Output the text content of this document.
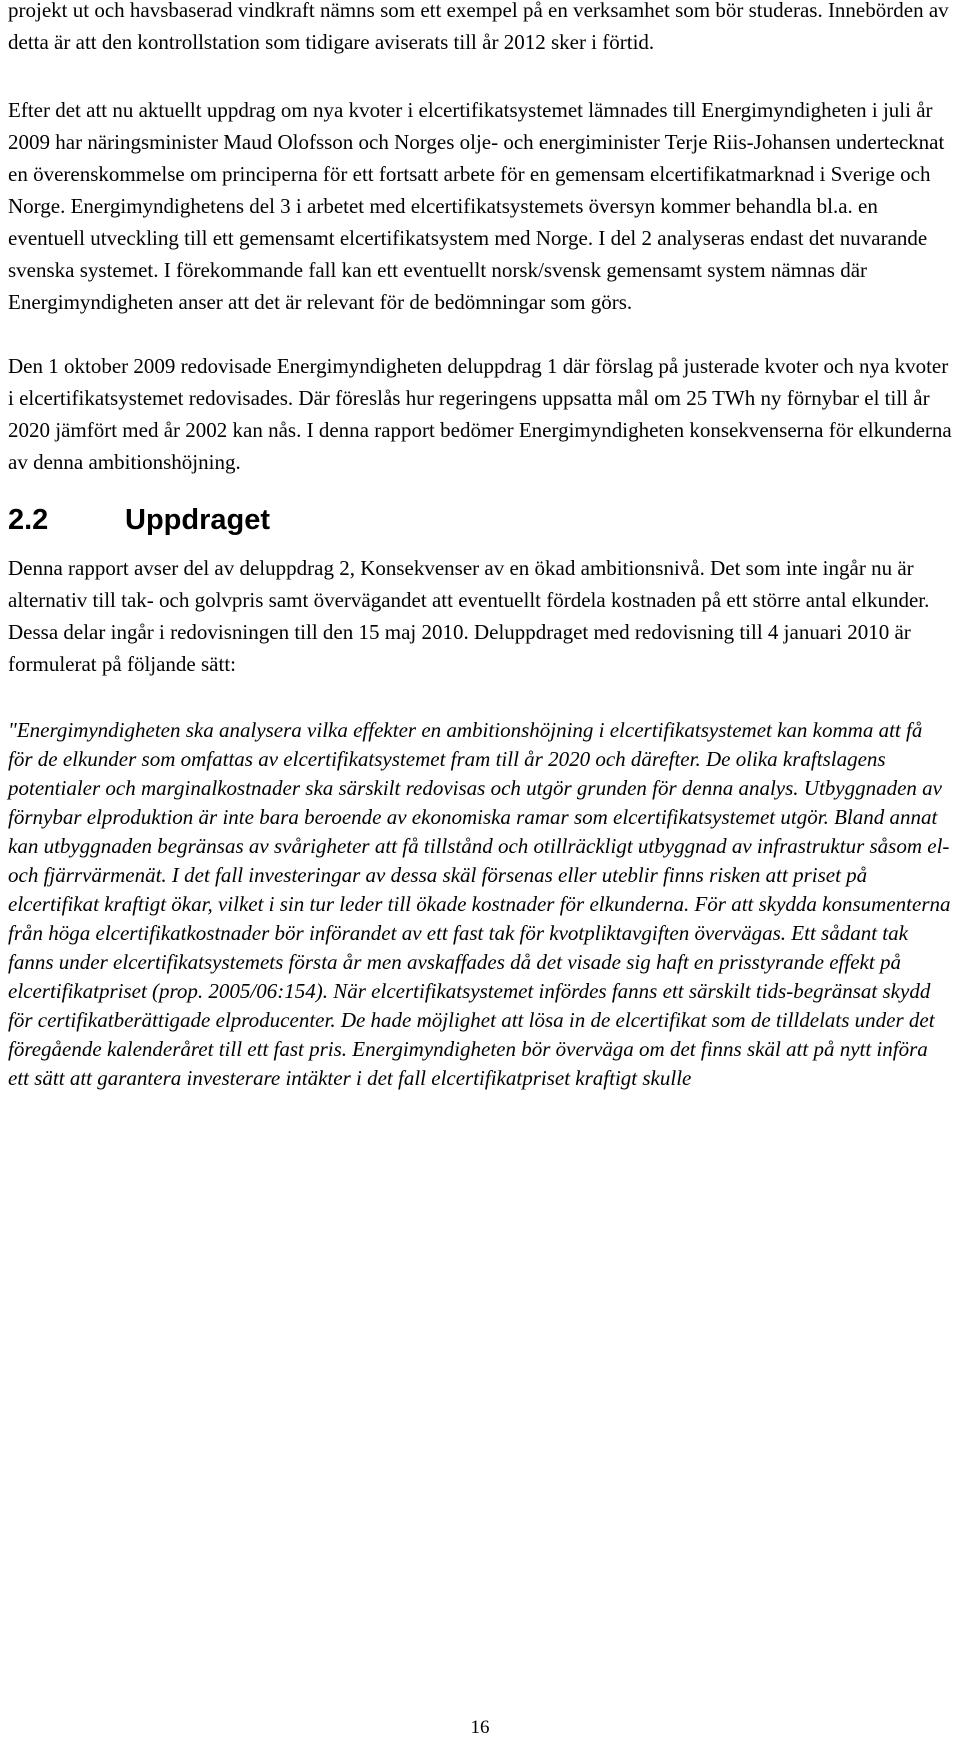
projekt ut och havsbaserad vindkraft nämns som ett exempel på en verksamhet som bör studeras. Innebörden av detta är att den kontrollstation som tidigare aviserats till år 2012 sker i förtid.

Efter det att nu aktuellt uppdrag om nya kvoter i elcertifikatsystemet lämnades till Energimyndigheten i juli år 2009 har näringsminister Maud Olofsson och Norges olje- och energiminister Terje Riis-Johansen undertecknat en överenskommelse om principerna för ett fortsatt arbete för en gemensam elcertifikatmarknad i Sverige och Norge. Energimyndighetens del 3 i arbetet med elcertifikatsystemets översyn kommer behandla bl.a. en eventuell utveckling till ett gemensamt elcertifikatsystem med Norge. I del 2 analyseras endast det nuvarande svenska systemet. I förekommande fall kan ett eventuellt norsk/svensk gemensamt system nämnas där Energimyndigheten anser att det är relevant för de bedömningar som görs.

Den 1 oktober 2009 redovisade Energimyndigheten deluppdrag 1 där förslag på justerade kvoter och nya kvoter i elcertifikatsystemet redovisades. Där föreslås hur regeringens uppsatta mål om 25 TWh ny förnybar el till år 2020 jämfört med år 2002 kan nås. I denna rapport bedömer Energimyndigheten konsekvenserna för elkunderna av denna ambitionshöjning.

2.2	Uppdraget

Denna rapport avser del av deluppdrag 2, Konsekvenser av en ökad ambitionsnivå. Det som inte ingår nu är alternativ till tak- och golvpris samt övervägandet att eventuellt fördela kostnaden på ett större antal elkunder. Dessa delar ingår i redovisningen till den 15 maj 2010. Deluppdraget med redovisning till 4 januari 2010 är formulerat på följande sätt:

"Energimyndigheten ska analysera vilka effekter en ambitionshöjning i elcertifikatsystemet kan komma att få för de elkunder som omfattas av elcertifikatsystemet fram till år 2020 och därefter. De olika kraftslagens potentialer och marginalkostnader ska särskilt redovisas och utgör grunden för denna analys. Utbyggnaden av förnybar elproduktion är inte bara beroende av ekonomiska ramar som elcertifikatsystemet utgör. Bland annat kan utbyggnaden begränsas av svårigheter att få tillstånd och otillräckligt utbyggnad av infrastruktur såsom el- och fjärrvärmenät. I det fall investeringar av dessa skäl försenas eller uteblir finns risken att priset på elcertifikat kraftigt ökar, vilket i sin tur leder till ökade kostnader för elkunderna. För att skydda konsumenterna från höga elcertifikatkostnader bör införandet av ett fast tak för kvotpliktavgiften övervägas. Ett sådant tak fanns under elcertifikatsystemets första år men avskaffades då det visade sig haft en prisstyrande effekt på elcertifikatpriset (prop. 2005/06:154). När elcertifikatsystemet infördes fanns ett särskilt tids-begränsat skydd för certifikatberättigade elproducenter. De hade möjlighet att lösa in de elcertifikat som de tilldelats under det föregående kalenderåret till ett fast pris. Energimyndigheten bör överväga om det finns skäl att på nytt införa ett sätt att garantera investerare intäkter i det fall elcertifikatpriset kraftigt skulle

16
